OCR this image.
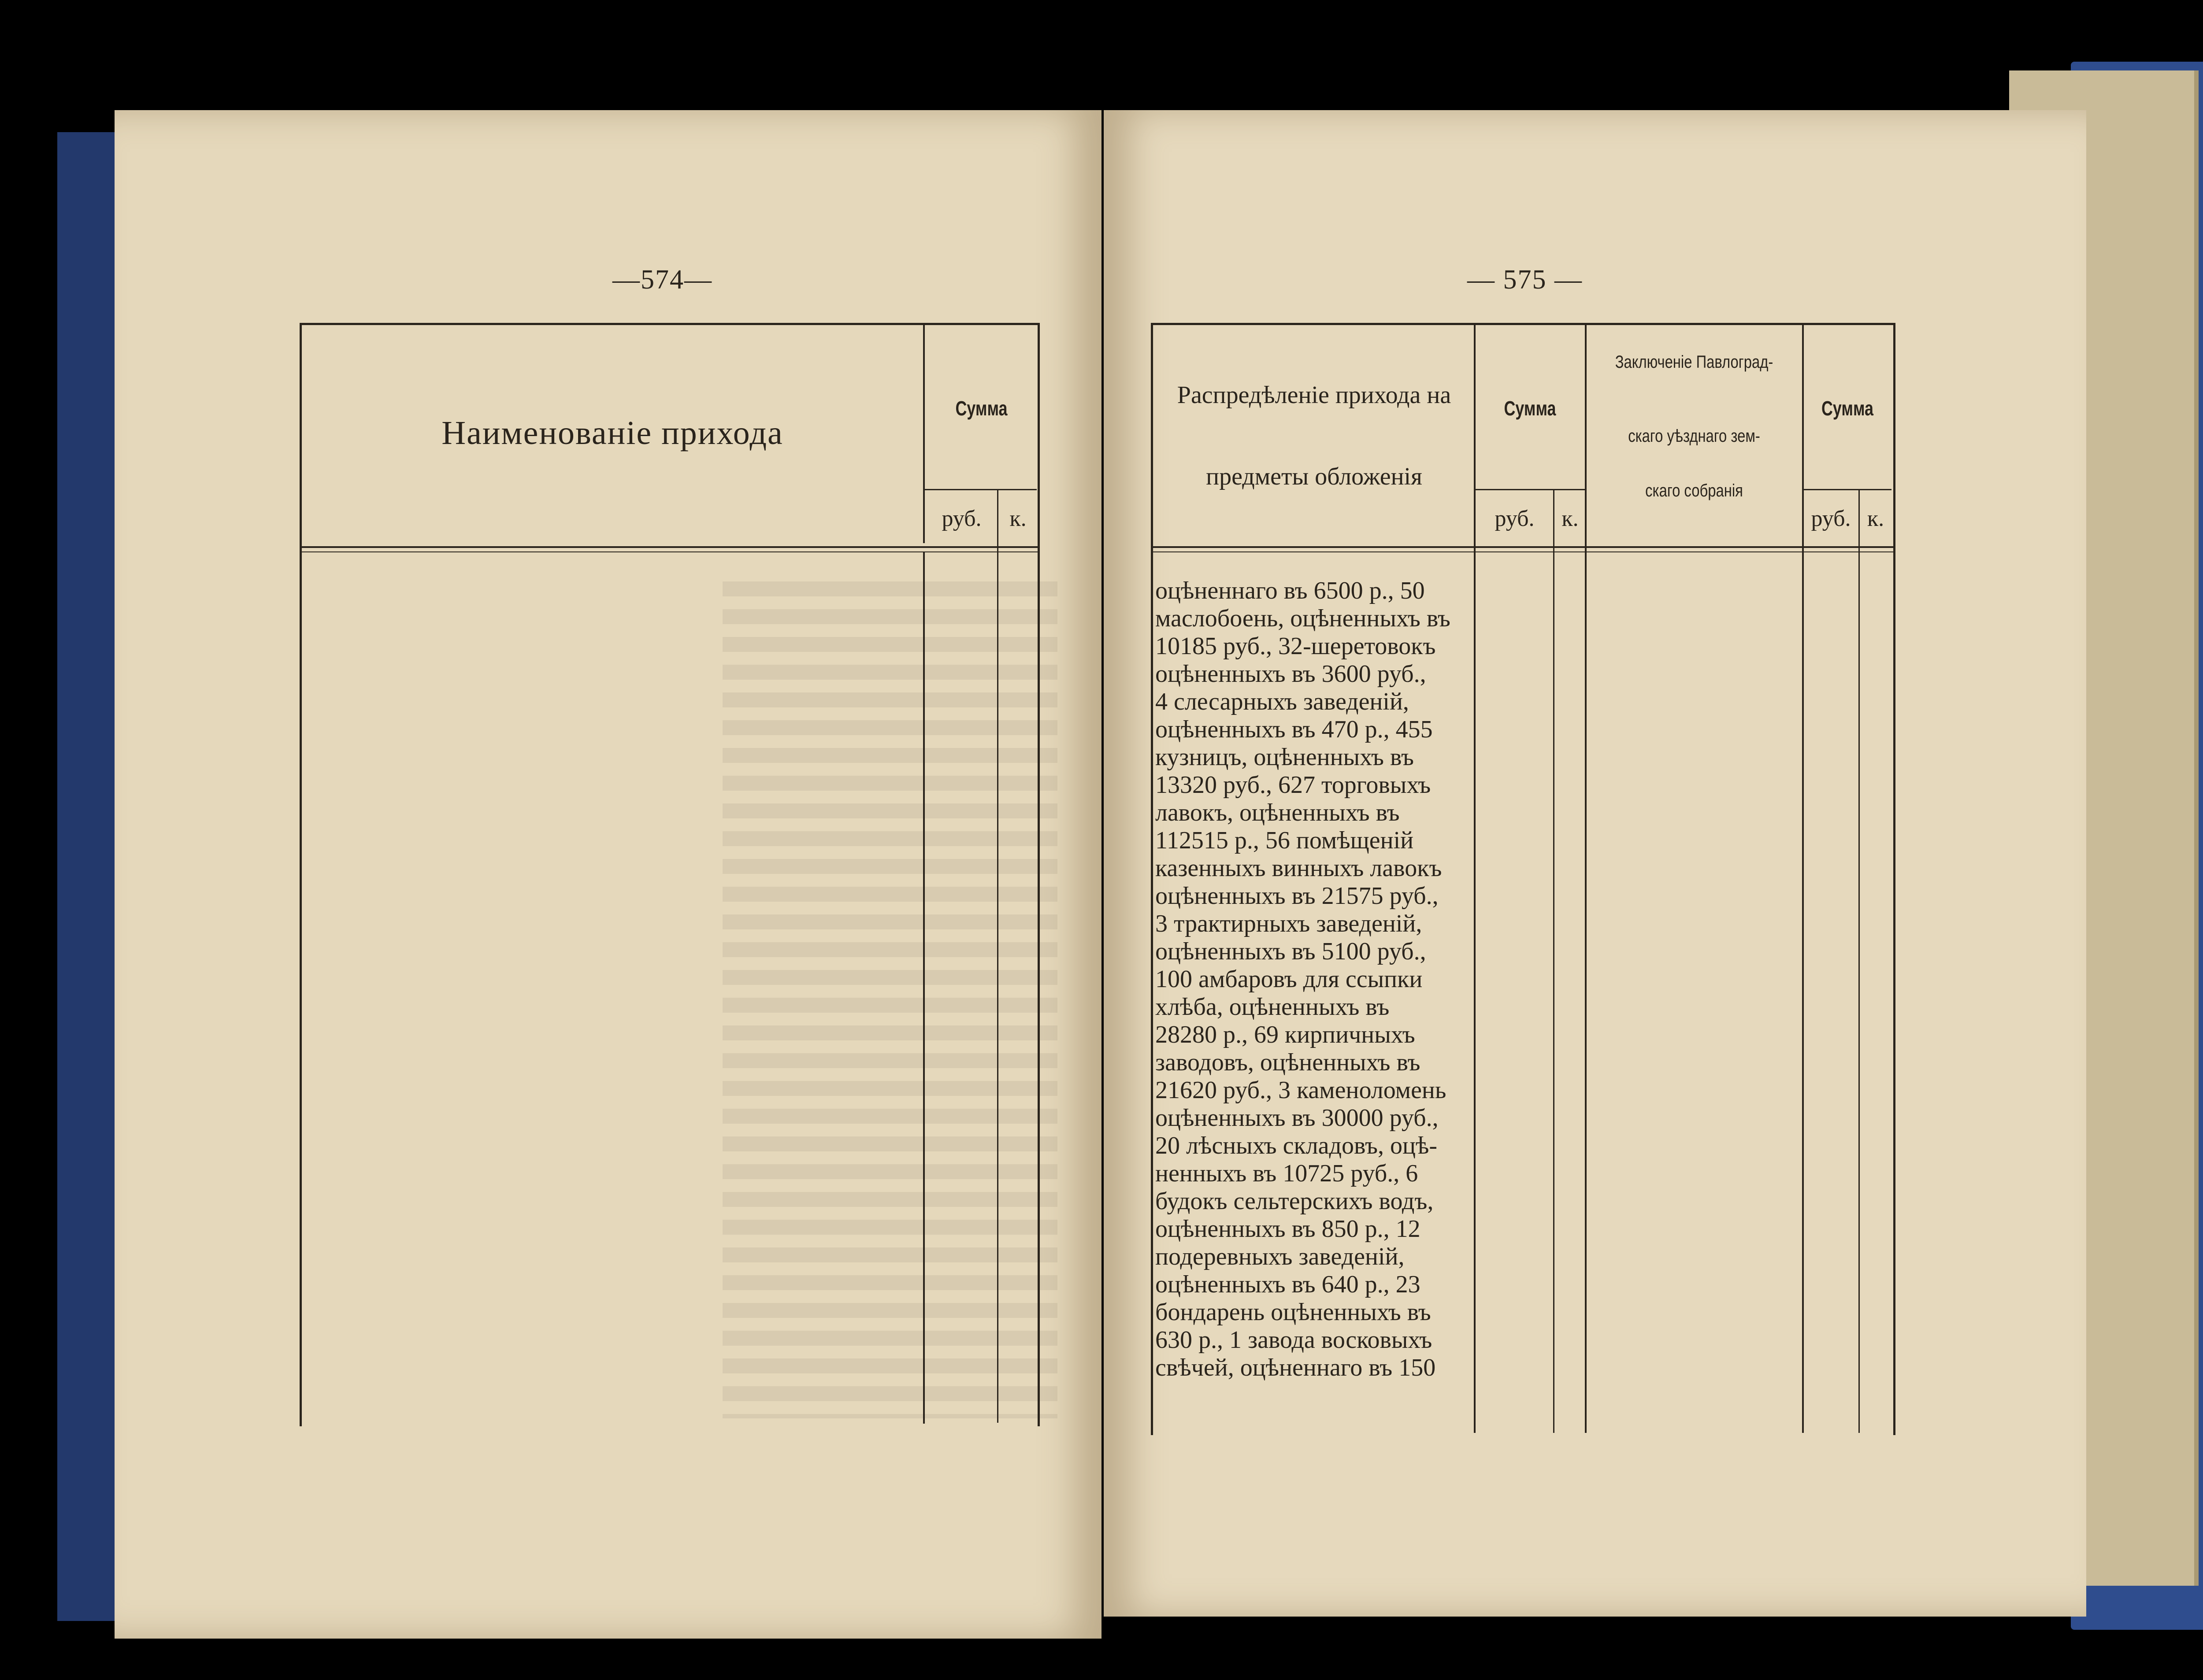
—574—
Наименованіе прихода
Сумма
руб.	к.
— 575 —
Распредѣленіе прихода на
предметы обложенія
Сумма
руб.	к.
Заключеніе Павлоград-
скаго уѣзднаго зем-
скаго собранія
Сумма
руб. к.
оцѣненнаго въ 6500 р., 50
маслобоень, оцѣненныхъ въ
10185 руб., 32-шеретовокъ
оцѣненныхъ въ 3600 руб.,
4 слесарныхъ заведеній,
оцѣненныхъ въ 470 р., 455
кузницъ, оцѣненныхъ въ
13320 руб., 627 торговыхъ
лавокъ, оцѣненныхъ въ
112515 р., 56 помѣщеній
казенныхъ винныхъ лавокъ
оцѣненныхъ въ 21575 руб.,
3 трактирныхъ заведеній,
оцѣненныхъ въ 5100 руб.,
100 амбаровъ для ссыпки
хлѣба, оцѣненныхъ въ
28280 р., 69 кирпичныхъ
заводовъ, оцѣненныхъ въ
21620 руб., 3 каменоломень
оцѣненныхъ въ 30000 руб.,
20 лѣсныхъ складовъ, оцѣ-
ненныхъ въ 10725 руб., 6
будокъ сельтерскихъ водъ,
оцѣненныхъ въ 850 р., 12
подеревныхъ заведеній,
оцѣненныхъ въ 640 р., 23
бондарень оцѣненныхъ въ
630 р., 1 завода восковыхъ
свѣчей, оцѣненнаго въ 150
